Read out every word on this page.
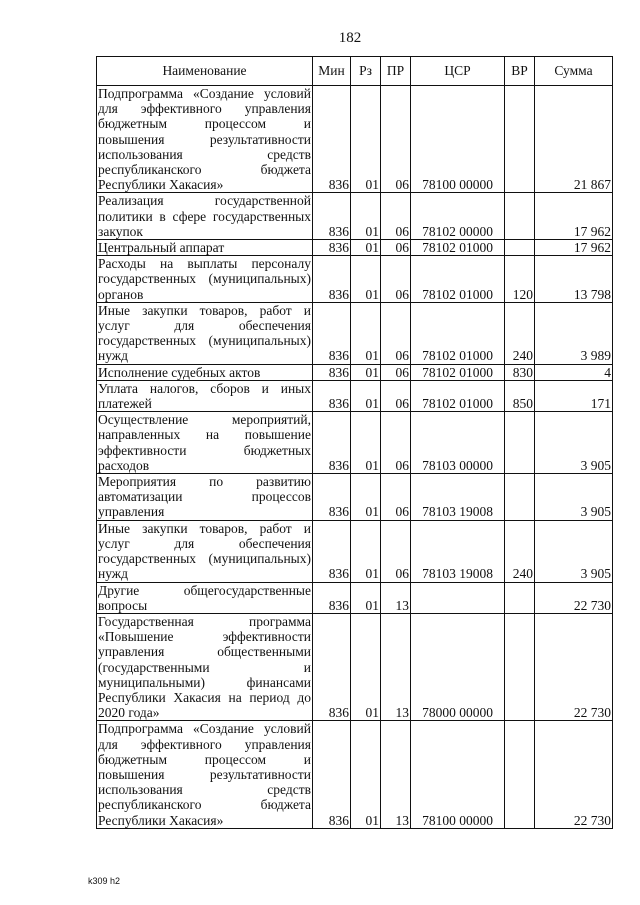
182
Наименование	Мин	Рз	ПР	ЦСР	ВР	Сумма
Подпрограмма «Создание условий для эффективного управления бюджетным процессом и повышения результативности использования средств республиканского бюджета Республики Хакасия»	836	01	06	78100 00000		21 867
Реализация государственной политики в сфере государственных закупок	836	01	06	78102 00000		17 962
Центральный аппарат	836	01	06	78102 01000		17 962
Расходы на выплаты персоналу государственных (муниципальных) органов	836	01	06	78102 01000	120	13 798
Иные закупки товаров, работ и услуг для обеспечения государственных (муниципальных) нужд	836	01	06	78102 01000	240	3 989
Исполнение судебных актов	836	01	06	78102 01000	830	4
Уплата налогов, сборов и иных платежей	836	01	06	78102 01000	850	171
Осуществление мероприятий, направленных на повышение эффективности бюджетных расходов	836	01	06	78103 00000		3 905
Мероприятия по развитию автоматизации процессов управления	836	01	06	78103 19008		3 905
Иные закупки товаров, работ и услуг для обеспечения государственных (муниципальных) нужд	836	01	06	78103 19008	240	3 905
Другие общегосударственные вопросы	836	01	13			22 730
Государственная программа «Повышение эффективности управления общественными (государственными и муниципальными) финансами Республики Хакасия на период до 2020 года»	836	01	13	78000 00000		22 730
Подпрограмма «Создание условий для эффективного управления бюджетным процессом и повышения результативности использования средств республиканского бюджета Республики Хакасия»	836	01	13	78100 00000		22 730
k309 h2
